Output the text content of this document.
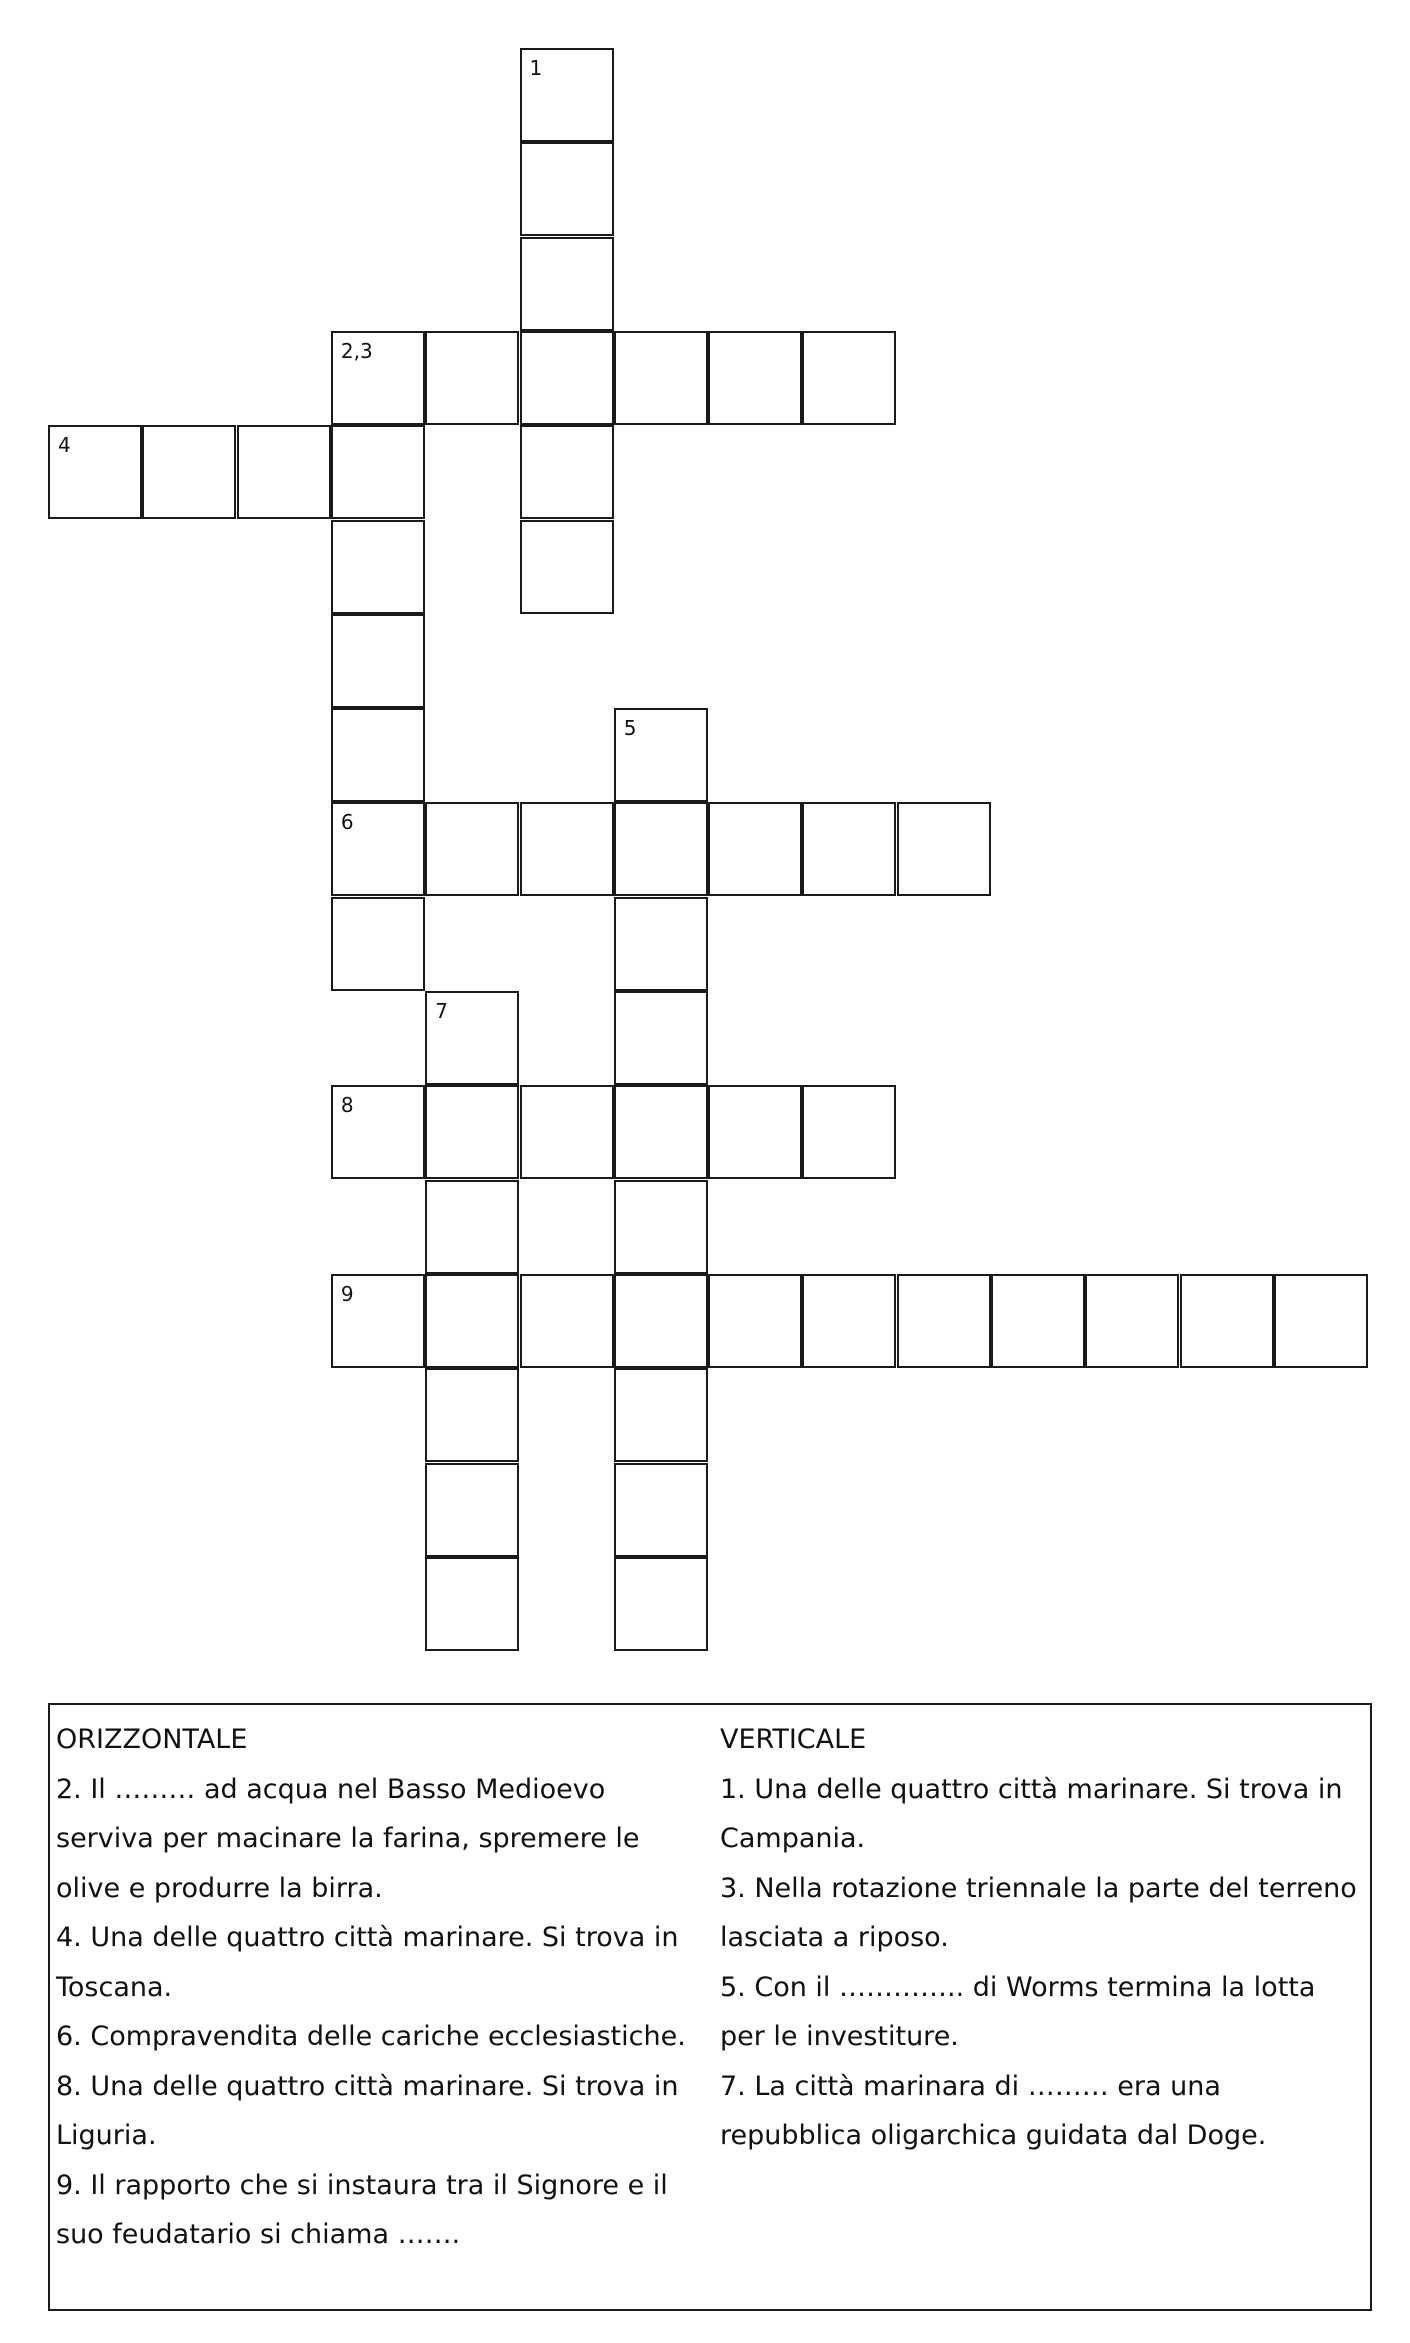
1
2,3
4
5
6
7
8
9
ORIZZONTALE
2. Il ……… ad acqua nel Basso Medioevo
serviva per macinare la farina, spremere le
olive e produrre la birra.
4. Una delle quattro città marinare. Si trova in
Toscana.
6. Compravendita delle cariche ecclesiastiche.
8. Una delle quattro città marinare. Si trova in
Liguria.
9. Il rapporto che si instaura tra il Signore e il
suo feudatario si chiama …….
VERTICALE
1. Una delle quattro città marinare. Si trova in
Campania.
3. Nella rotazione triennale la parte del terreno
lasciata a riposo.
5. Con il ………….. di Worms termina la lotta
per le investiture.
7. La città marinara di ……… era una
repubblica oligarchica guidata dal Doge.
